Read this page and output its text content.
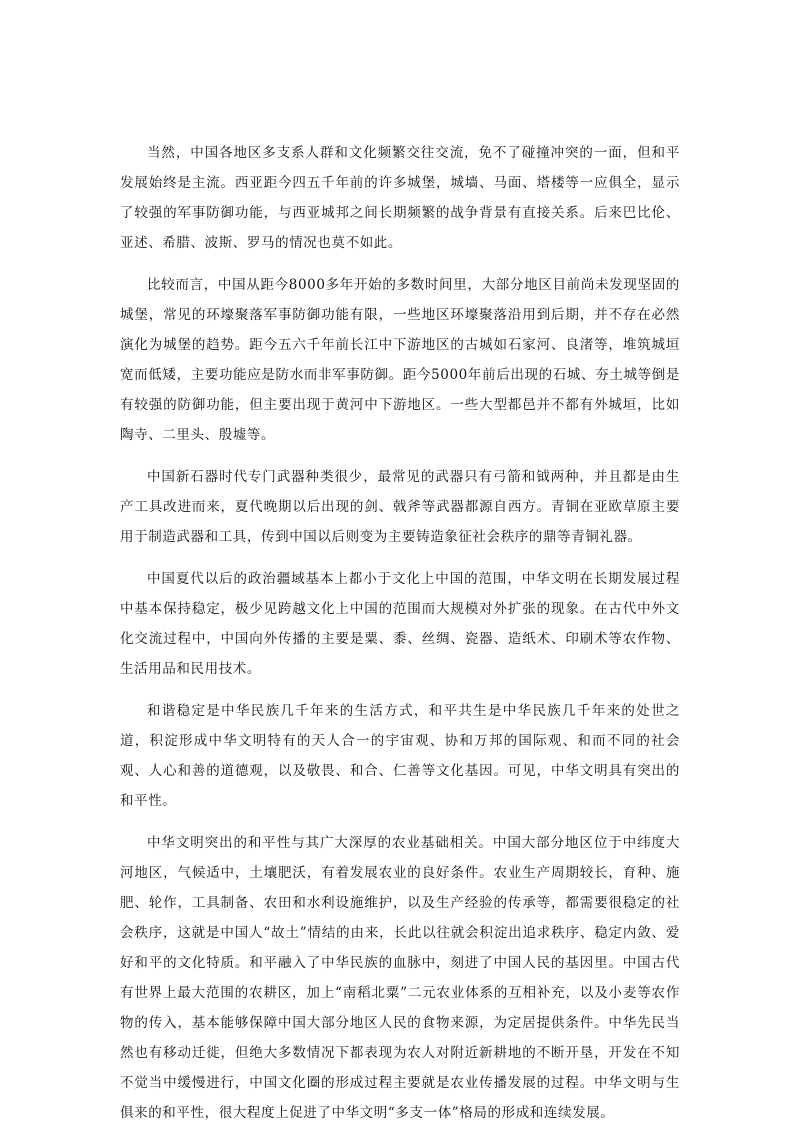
当然，中国各地区多支系人群和文化频繁交往交流，免不了碰撞冲突的一面，但和平发展始终是主流。西亚距今四五千年前的许多城堡，城墙、马面、塔楼等一应俱全，显示了较强的军事防御功能，与西亚城邦之间长期频繁的战争背景有直接关系。后来巴比伦、亚述、希腊、波斯、罗马的情况也莫不如此。

比较而言，中国从距今8000多年开始的多数时间里，大部分地区目前尚未发现坚固的城堡，常见的环壕聚落军事防御功能有限，一些地区环壕聚落沿用到后期，并不存在必然演化为城堡的趋势。距今五六千年前长江中下游地区的古城如石家河、良渚等，堆筑城垣宽而低矮，主要功能应是防水而非军事防御。距今5000年前后出现的石城、夯土城等倒是有较强的防御功能，但主要出现于黄河中下游地区。一些大型都邑并不都有外城垣，比如陶寺、二里头、殷墟等。

中国新石器时代专门武器种类很少，最常见的武器只有弓箭和钺两种，并且都是由生产工具改进而来，夏代晚期以后出现的剑、戟斧等武器都源自西方。青铜在亚欧草原主要用于制造武器和工具，传到中国以后则变为主要铸造象征社会秩序的鼎等青铜礼器。

中国夏代以后的政治疆域基本上都小于文化上中国的范围，中华文明在长期发展过程中基本保持稳定，极少见跨越文化上中国的范围而大规模对外扩张的现象。在古代中外文化交流过程中，中国向外传播的主要是粟、黍、丝绸、瓷器、造纸术、印刷术等农作物、生活用品和民用技术。

和谐稳定是中华民族几千年来的生活方式，和平共生是中华民族几千年来的处世之道，积淀形成中华文明特有的天人合一的宇宙观、协和万邦的国际观、和而不同的社会观、人心和善的道德观，以及敬畏、和合、仁善等文化基因。可见，中华文明具有突出的和平性。

中华文明突出的和平性与其广大深厚的农业基础相关。中国大部分地区位于中纬度大河地区，气候适中，土壤肥沃，有着发展农业的良好条件。农业生产周期较长，育种、施肥、轮作，工具制备、农田和水利设施维护，以及生产经验的传承等，都需要很稳定的社会秩序，这就是中国人“故土”情结的由来，长此以往就会积淀出追求秩序、稳定内敛、爱好和平的文化特质。和平融入了中华民族的血脉中，刻进了中国人民的基因里。中国古代有世界上最大范围的农耕区，加上“南稻北粟”二元农业体系的互相补充，以及小麦等农作物的传入，基本能够保障中国大部分地区人民的食物来源，为定居提供条件。中华先民当然也有移动迁徙，但绝大多数情况下都表现为农人对附近新耕地的不断开垦，开发在不知不觉当中缓慢进行，中国文化圈的形成过程主要就是农业传播发展的过程。中华文明与生俱来的和平性，很大程度上促进了中华文明“多支一体”格局的形成和连续发展。
